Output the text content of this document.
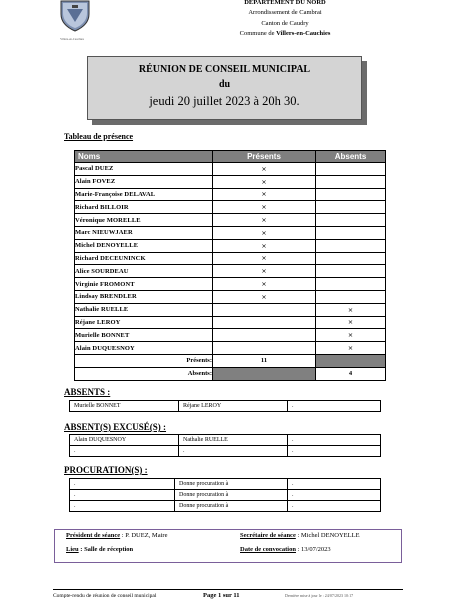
Villers-en-Cauchies
DEPARTEMENT DU NORD
Arrondissement de Cambrai
Canton de Caudry
Commune de Villers-en-Cauchies
RÉUNION DE CONSEIL MUNICIPAL
du
jeudi 20 juillet 2023 à 20h 30.
Tableau de présence
Noms	Présents	Absents
Pascal DUEZ	×	
Alain FOVEZ	×	
Marie-Françoise DELAVAL	×	
Richard BILLOIR	×	
Véronique MORELLE	×	
Marc NIEUWJAER	×	
Michel DENOYELLE	×	
Richard DECEUNINCK	×	
Alice SOURDEAU	×	
Virginie FROMONT	×	
Lindsay BRENDLER	×	
Nathalie RUELLE		×
Réjane LEROY		×
Murielle BONNET		×
Alain DUQUESNOY		×
Présents:	11	
Absents:		4
ABSENTS :
Murielle BONNET	Réjane LEROY	.
ABSENT(S) EXCUSÉ(S) :
Alain DUQUESNOY	Nathalie RUELLE	.
.	.	.
PROCURATION(S) :
.	Donne procuration à	.
.	Donne procuration à	.
.	Donne procuration à	.
Président de séance : P. DUEZ, Maire	Secrétaire de séance : Michel DENOYELLE
Lieu : Salle de réception	Date de convocation : 13/07/2023
Compte-rendu de réunion de conseil municipal	Page 1 sur 11	Dernière mise à jour le : 24/07/2023 10:17
